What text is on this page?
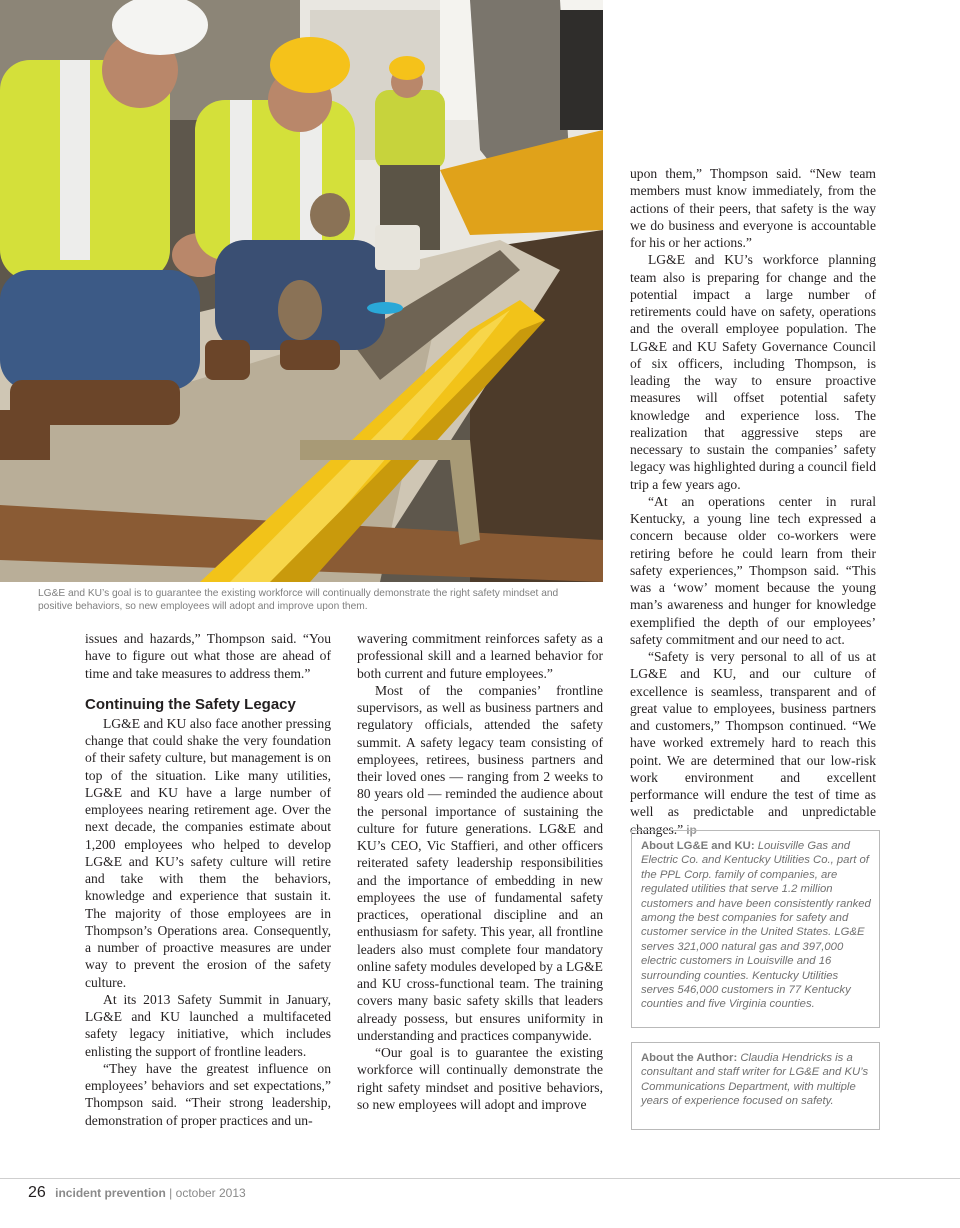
LG&E and KU’s goal is to guarantee the existing workforce will continually demonstrate the right safety mindset and positive behaviors, so new employees will adopt and improve upon them.

issues and hazards,” Thompson said. “You have to figure out what those are ahead of time and take measures to address them.”

Continuing the Safety Legacy

LG&E and KU also face another pressing change that could shake the very foundation of their safety culture, but management is on top of the situation. Like many utilities, LG&E and KU have a large number of employees nearing retirement age. Over the next decade, the companies estimate about 1,200 employees who helped to develop LG&E and KU’s safety culture will retire and take with them the behaviors, knowledge and experience that sustain it. The majority of those employees are in Thompson’s Operations area. Consequently, a number of proactive measures are under way to prevent the erosion of the safety culture.

At its 2013 Safety Summit in January, LG&E and KU launched a multifaceted safety legacy initiative, which includes enlisting the support of frontline leaders.

“They have the greatest influence on employees’ behaviors and set expectations,” Thompson said. “Their strong leadership, demonstration of proper practices and un-

wavering commitment reinforces safety as a professional skill and a learned behavior for both current and future employees.”

Most of the companies’ frontline supervisors, as well as business partners and regulatory officials, attended the safety summit. A safety legacy team consisting of employees, retirees, business partners and their loved ones — ranging from 2 weeks to 80 years old — reminded the audience about the personal importance of sustaining the culture for future generations. LG&E and KU’s CEO, Vic Staffieri, and other officers reiterated safety leadership responsibilities and the importance of embedding in new employees the use of fundamental safety practices, operational discipline and an enthusiasm for safety. This year, all frontline leaders also must complete four mandatory online safety modules developed by a LG&E and KU cross-functional team. The training covers many basic safety skills that leaders already possess, but ensures uniformity in understanding and practices companywide.

“Our goal is to guarantee the existing workforce will continually demonstrate the right safety mindset and positive behaviors, so new employees will adopt and improve

upon them,” Thompson said. “New team members must know immediately, from the actions of their peers, that safety is the way we do business and everyone is accountable for his or her actions.”

LG&E and KU’s workforce planning team also is preparing for change and the potential impact a large number of retirements could have on safety, operations and the overall employee population. The LG&E and KU Safety Governance Council of six officers, including Thompson, is leading the way to ensure proactive measures will offset potential safety knowledge and experience loss. The realization that aggressive steps are necessary to sustain the companies’ safety legacy was highlighted during a council field trip a few years ago.

“At an operations center in rural Kentucky, a young line tech expressed a concern because older co-workers were retiring before he could learn from their safety experiences,” Thompson said. “This was a ‘wow’ moment because the young man’s awareness and hunger for knowledge exemplified the depth of our employees’ safety commitment and our need to act.

“Safety is very personal to all of us at LG&E and KU, and our culture of excellence is seamless, transparent and of great value to employees, business partners and customers,” Thompson continued. “We have worked extremely hard to reach this point. We are determined that our low-risk work environment and excellent performance will endure the test of time as well as predictable and unpredictable changes.” ip

About LG&E and KU: Louisville Gas and Electric Co. and Kentucky Utilities Co., part of the PPL Corp. family of companies, are regulated utilities that serve 1.2 million customers and have been consistently ranked among the best companies for safety and customer service in the United States. LG&E serves 321,000 natural gas and 397,000 electric customers in Louisville and 16 surrounding counties. Kentucky Utilities serves 546,000 customers in 77 Kentucky counties and five Virginia counties.
About the Author: Claudia Hendricks is a consultant and staff writer for LG&E and KU’s Communications Department, with multiple years of experience focused on safety.
26 incident prevention | october 2013
